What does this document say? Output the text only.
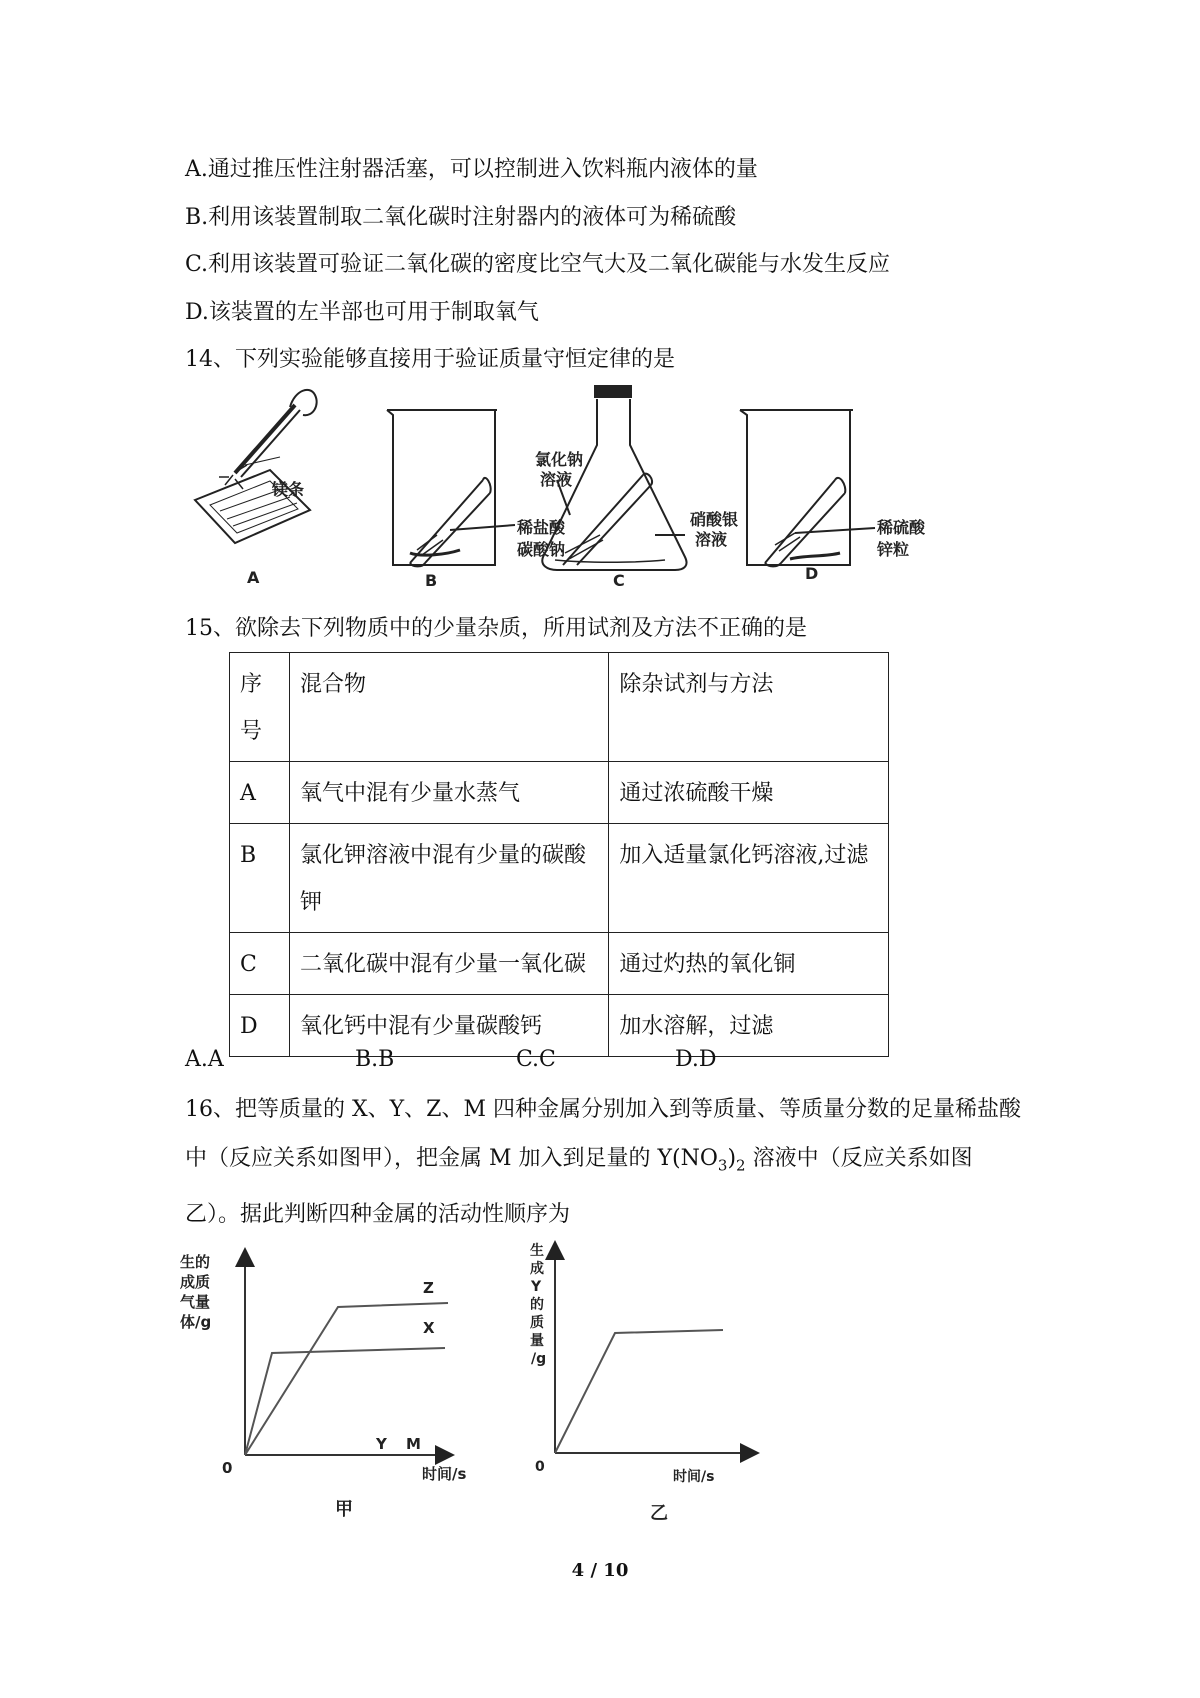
A.通过推压性注射器活塞，可以控制进入饮料瓶内液体的量
B.利用该装置制取二氧化碳时注射器内的液体可为稀硫酸
C.利用该装置可验证二氧化碳的密度比空气大及二氧化碳能与水发生反应
D.该装置的左半部也可用于制取氧气
14、下列实验能够直接用于验证质量守恒定律的是
镁条
A
稀盐酸
碳酸钠
B
氯化钠
溶液
硝酸银
溶液
C
稀硫酸
锌粒
D
15、欲除去下列物质中的少量杂质，所用试剂及方法不正确的是
序号	混合物	除杂试剂与方法
A	氧气中混有少量水蒸气	通过浓硫酸干燥
B	氯化钾溶液中混有少量的碳酸钾	加入适量氯化钙溶液,过滤
C	二氧化碳中混有少量一氧化碳	通过灼热的氧化铜
D	氧化钙中混有少量碳酸钙	加水溶解，过滤
A.A	B.B	C.C	D.D
16、把等质量的 X、Y、Z、M 四种金属分别加入到等质量、等质量分数的足量稀盐酸中（反应关系如图甲），把金属 M 加入到足量的 $Y(NO_3)_2$ 溶液中（反应关系如图乙）。据此判断四种金属的活动性顺序为
生的
成质
气量
体/g
0	时间/s
Z
X
Y M
甲
生
成
Y
的
质
量
/g
0
时间/s
乙
4 / 10
